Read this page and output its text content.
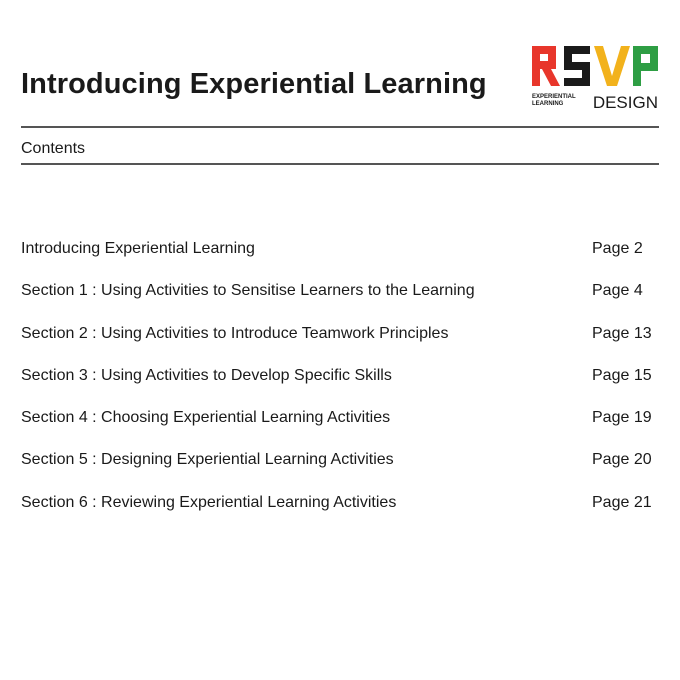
Introducing Experiential Learning	EXPERIENTIAL
LEARNING DESIGN
Contents
Introducing Experiential Learning	Page 2
Section 1 : Using Activities to Sensitise Learners to the Learning	Page 4
Section 2 : Using Activities to Introduce Teamwork Principles	Page 13
Section 3 : Using Activities to Develop Specific Skills	Page 15
Section 4 : Choosing Experiential Learning Activities	Page 19
Section 5 : Designing Experiential Learning Activities	Page 20
Section 6 : Reviewing Experiential Learning Activities	Page 21
